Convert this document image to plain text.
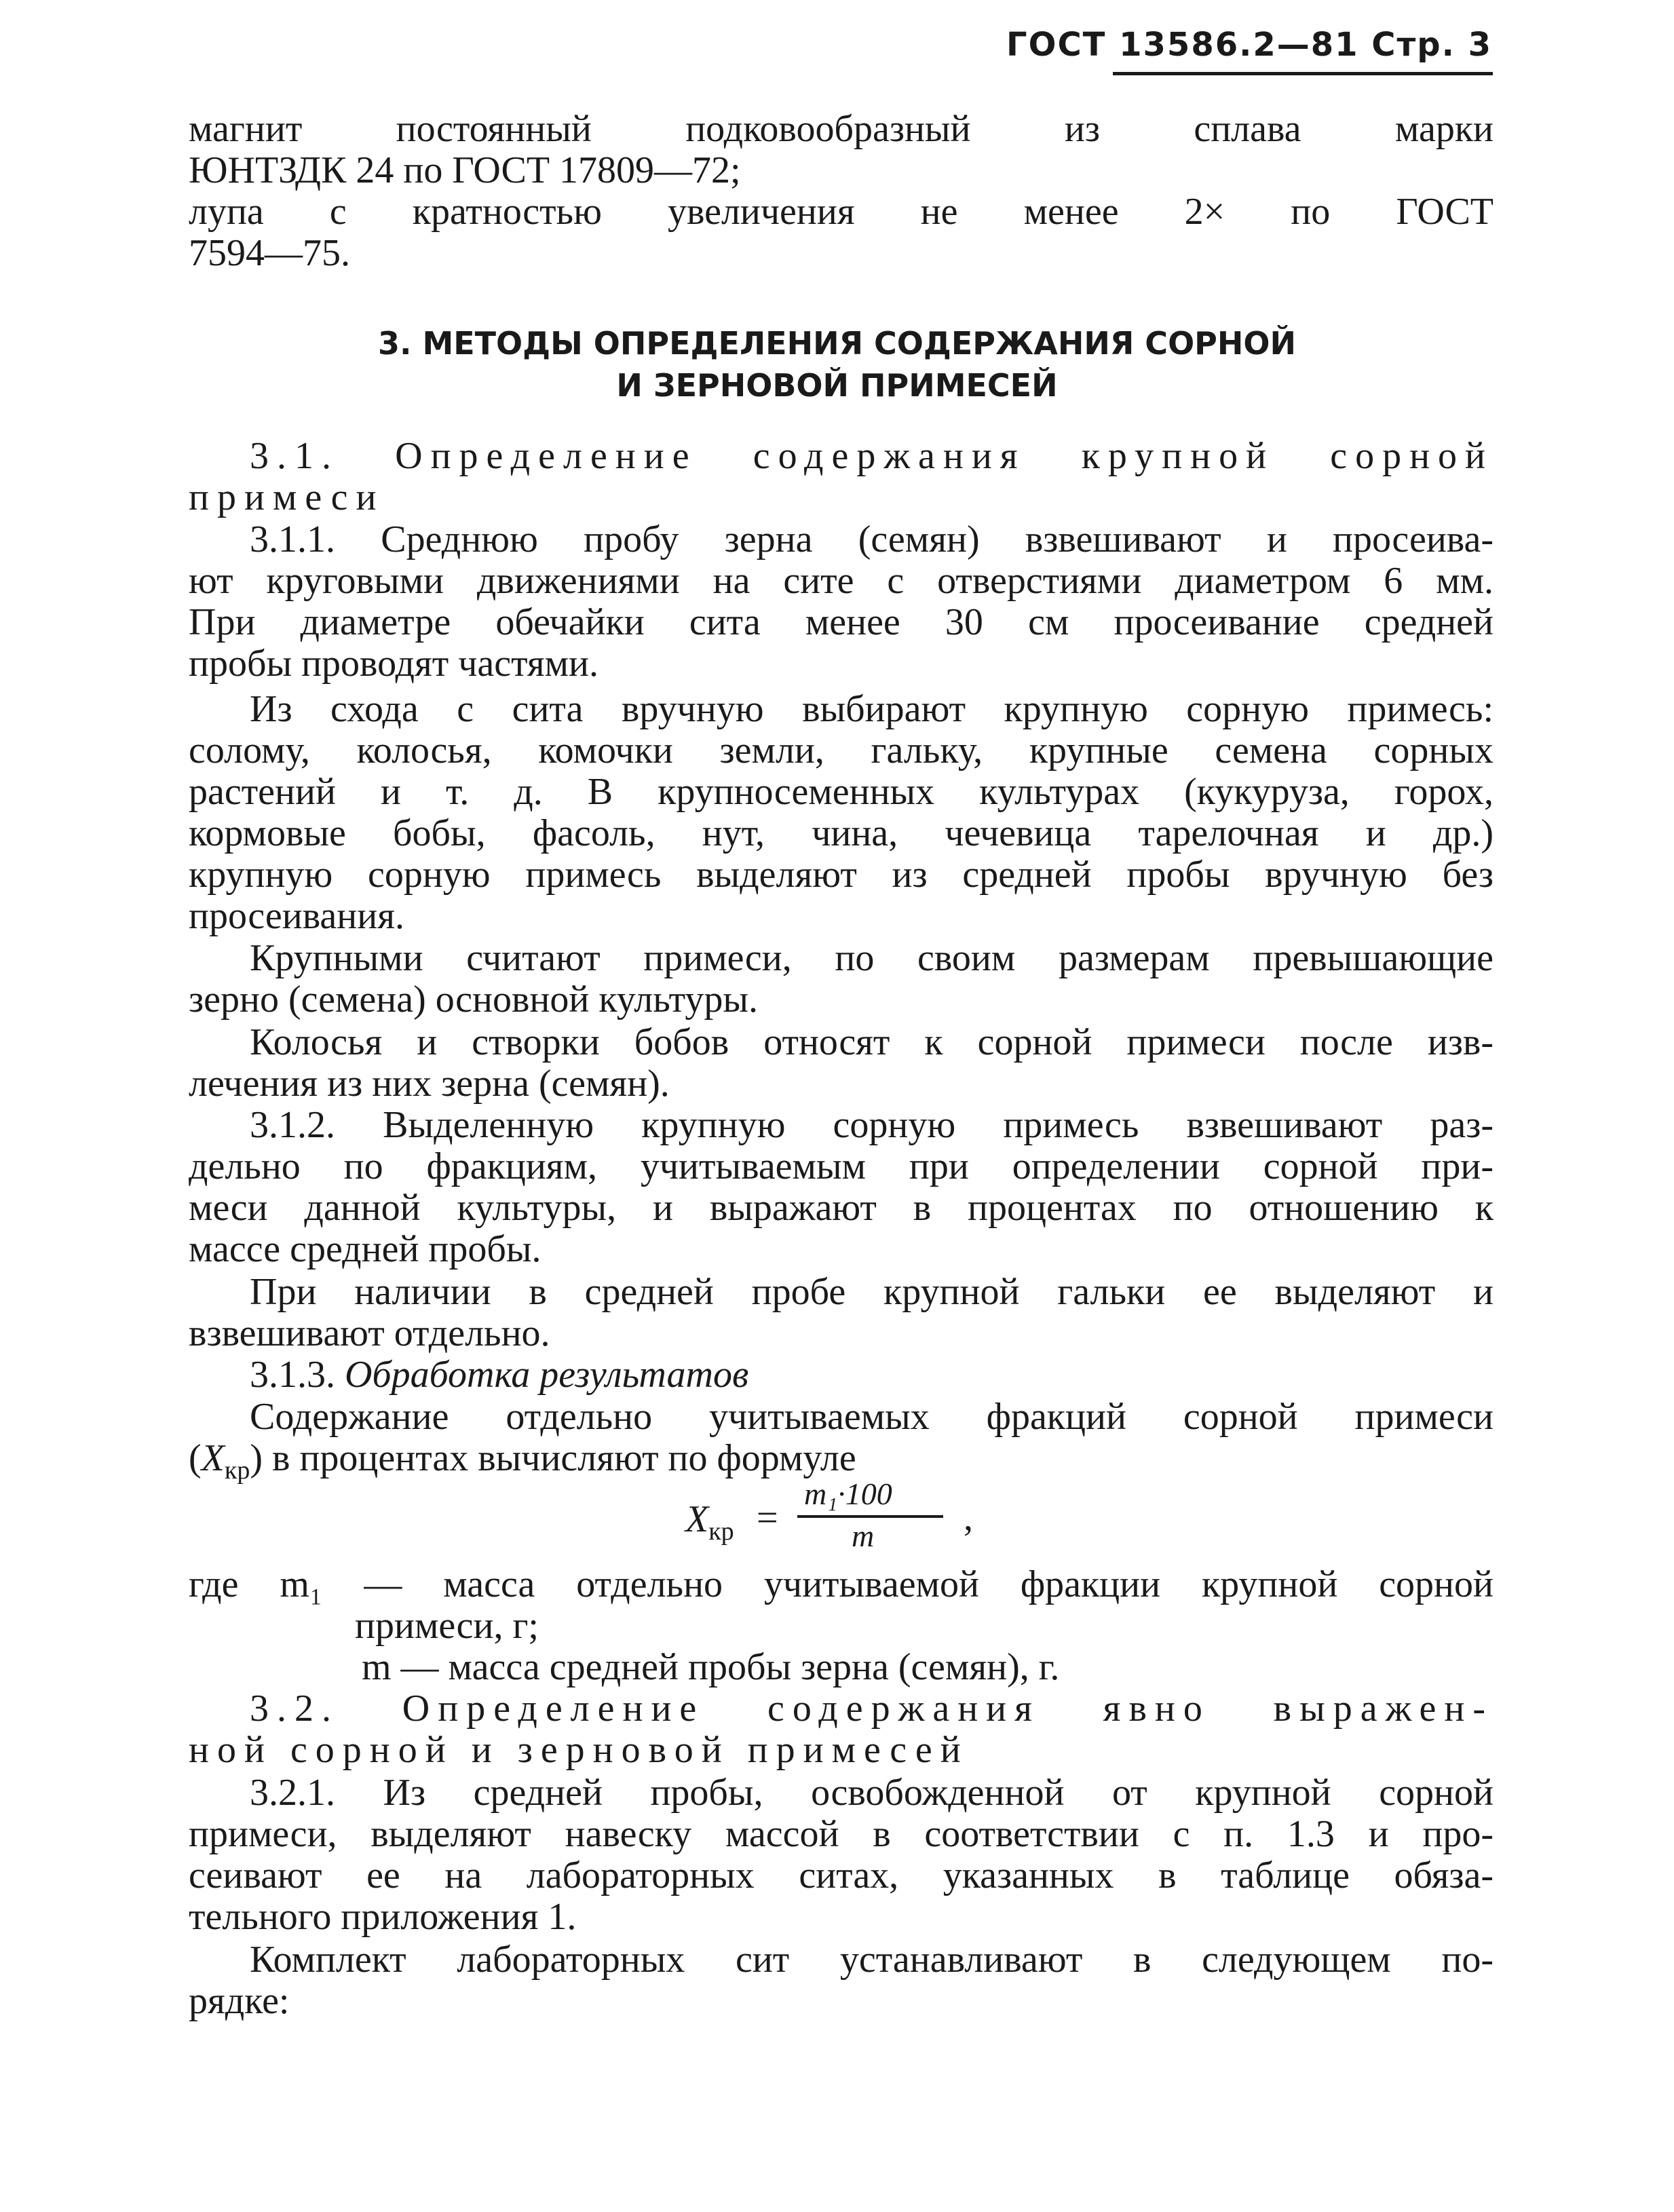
ГОСТ 13586.2—81 Стр. 3
магнит постоянный подковообразный из сплава марки
ЮНТЗДК 24 по ГОСТ 17809—72;
лупа с кратностью увеличения не менее 2× по ГОСТ
7594—75.
3. МЕТОДЫ ОПРЕДЕЛЕНИЯ СОДЕРЖАНИЯ СОРНОЙ
И ЗЕРНОВОЙ ПРИМЕСЕЙ
3.1. Определение содержания крупной сорной
примеси
3.1.1. Среднюю пробу зерна (семян) взвешивают и просеива-
ют круговыми движениями на сите с отверстиями диаметром 6 мм.
При диаметре обечайки сита менее 30 см просеивание средней
пробы проводят частями.
Из схода с сита вручную выбирают крупную сорную примесь:
солому, колосья, комочки земли, гальку, крупные семена сорных
растений и т. д. В крупносеменных культурах (кукуруза, горох,
кормовые бобы, фасоль, нут, чина, чечевица тарелочная и др.)
крупную сорную примесь выделяют из средней пробы вручную без
просеивания.
Крупными считают примеси, по своим размерам превышающие
зерно (семена) основной культуры.
Колосья и створки бобов относят к сорной примеси после изв-
лечения из них зерна (семян).
3.1.2. Выделенную крупную сорную примесь взвешивают раз-
дельно по фракциям, учитываемым при определении сорной при-
меси данной культуры, и выражают в процентах по отношению к
массе средней пробы.
При наличии в средней пробе крупной гальки ее выделяют и
взвешивают отдельно.
3.1.3. Обработка результатов
Содержание отдельно учитываемых фракций сорной примеси
$(X_{кр})$ в процентах вычисляют по формуле
$X_{кр}$ =
m₁·100
m ,
где m₁ — масса отдельно учитываемой фракции крупной сорной
примеси, г;
m — масса средней пробы зерна (семян), г.
3.2. Определение содержания явно выражен-
ной сорной и зерновой примесей
3.2.1. Из средней пробы, освобожденной от крупной сорной
примеси, выделяют навеску массой в соответствии с п. 1.3 и про-
сеивают ее на лабораторных ситах, указанных в таблице обяза-
тельного приложения 1.
Комплект лабораторных сит устанавливают в следующем по-
рядке:
